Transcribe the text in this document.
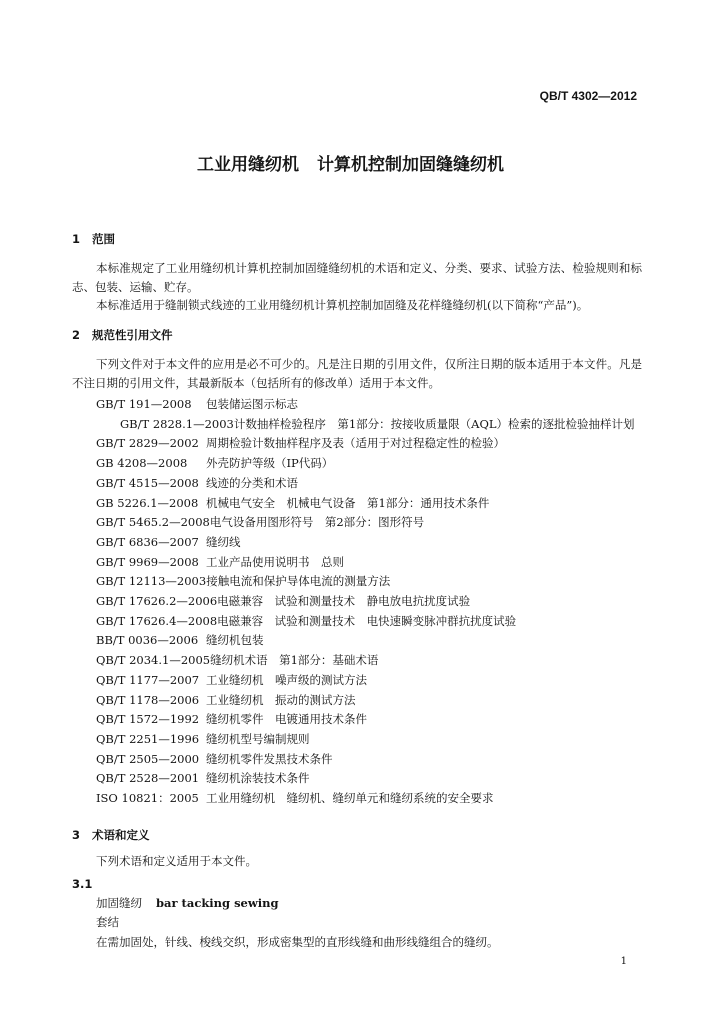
QB/T 4302—2012
工业用缝纫机 计算机控制加固缝缝纫机
1 范围
本标准规定了工业用缝纫机计算机控制加固缝缝纫机的术语和定义、分类、要求、试验方法、检验规则和标志、包装、运输、贮存。
本标准适用于缝制锁式线迹的工业用缝纫机计算机控制加固缝及花样缝缝纫机(以下简称“产品”)。
2 规范性引用文件
下列文件对于本文件的应用是必不可少的。凡是注日期的引用文件，仅所注日期的版本适用于本文件。凡是不注日期的引用文件，其最新版本（包括所有的修改单）适用于本文件。
GB/T 191—2008 包装储运图示标志
GB/T 2828.1—2003计数抽样检验程序　第1部分：按接收质量限（AQL）检索的逐批检验抽样计划
GB/T 2829—2002 周期检验计数抽样程序及表（适用于对过程稳定性的检验）
GB 4208—2008 外壳防护等级（IP代码）
GB/T 4515—2008 线迹的分类和术语
GB 5226.1—2008 机械电气安全　机械电气设备　第1部分：通用技术条件
GB/T 5465.2—2008电气设备用图形符号　第2部分：图形符号
GB/T 6836—2007 缝纫线
GB/T 9969—2008 工业产品使用说明书　总则
GB/T 12113—2003接触电流和保护导体电流的测量方法
GB/T 17626.2—2006电磁兼容　试验和测量技术　静电放电抗扰度试验
GB/T 17626.4—2008电磁兼容　试验和测量技术　电快速瞬变脉冲群抗扰度试验
BB/T 0036—2006 缝纫机包装
QB/T 2034.1—2005缝纫机术语　第1部分：基础术语
QB/T 1177—2007 工业缝纫机　噪声级的测试方法
QB/T 1178—2006 工业缝纫机　振动的测试方法
QB/T 1572—1992 缝纫机零件　电镀通用技术条件
QB/T 2251—1996 缝纫机型号编制规则
QB/T 2505—2000 缝纫机零件发黑技术条件
QB/T 2528—2001 缝纫机涂装技术条件
ISO 10821：2005 工业用缝纫机　缝纫机、缝纫单元和缝纫系统的安全要求
3 术语和定义
下列术语和定义适用于本文件。
3.1
加固缝纫 bar tacking sewing
套结
在需加固处，针线、梭线交织，形成密集型的直形线缝和曲形线缝组合的缝纫。
1
